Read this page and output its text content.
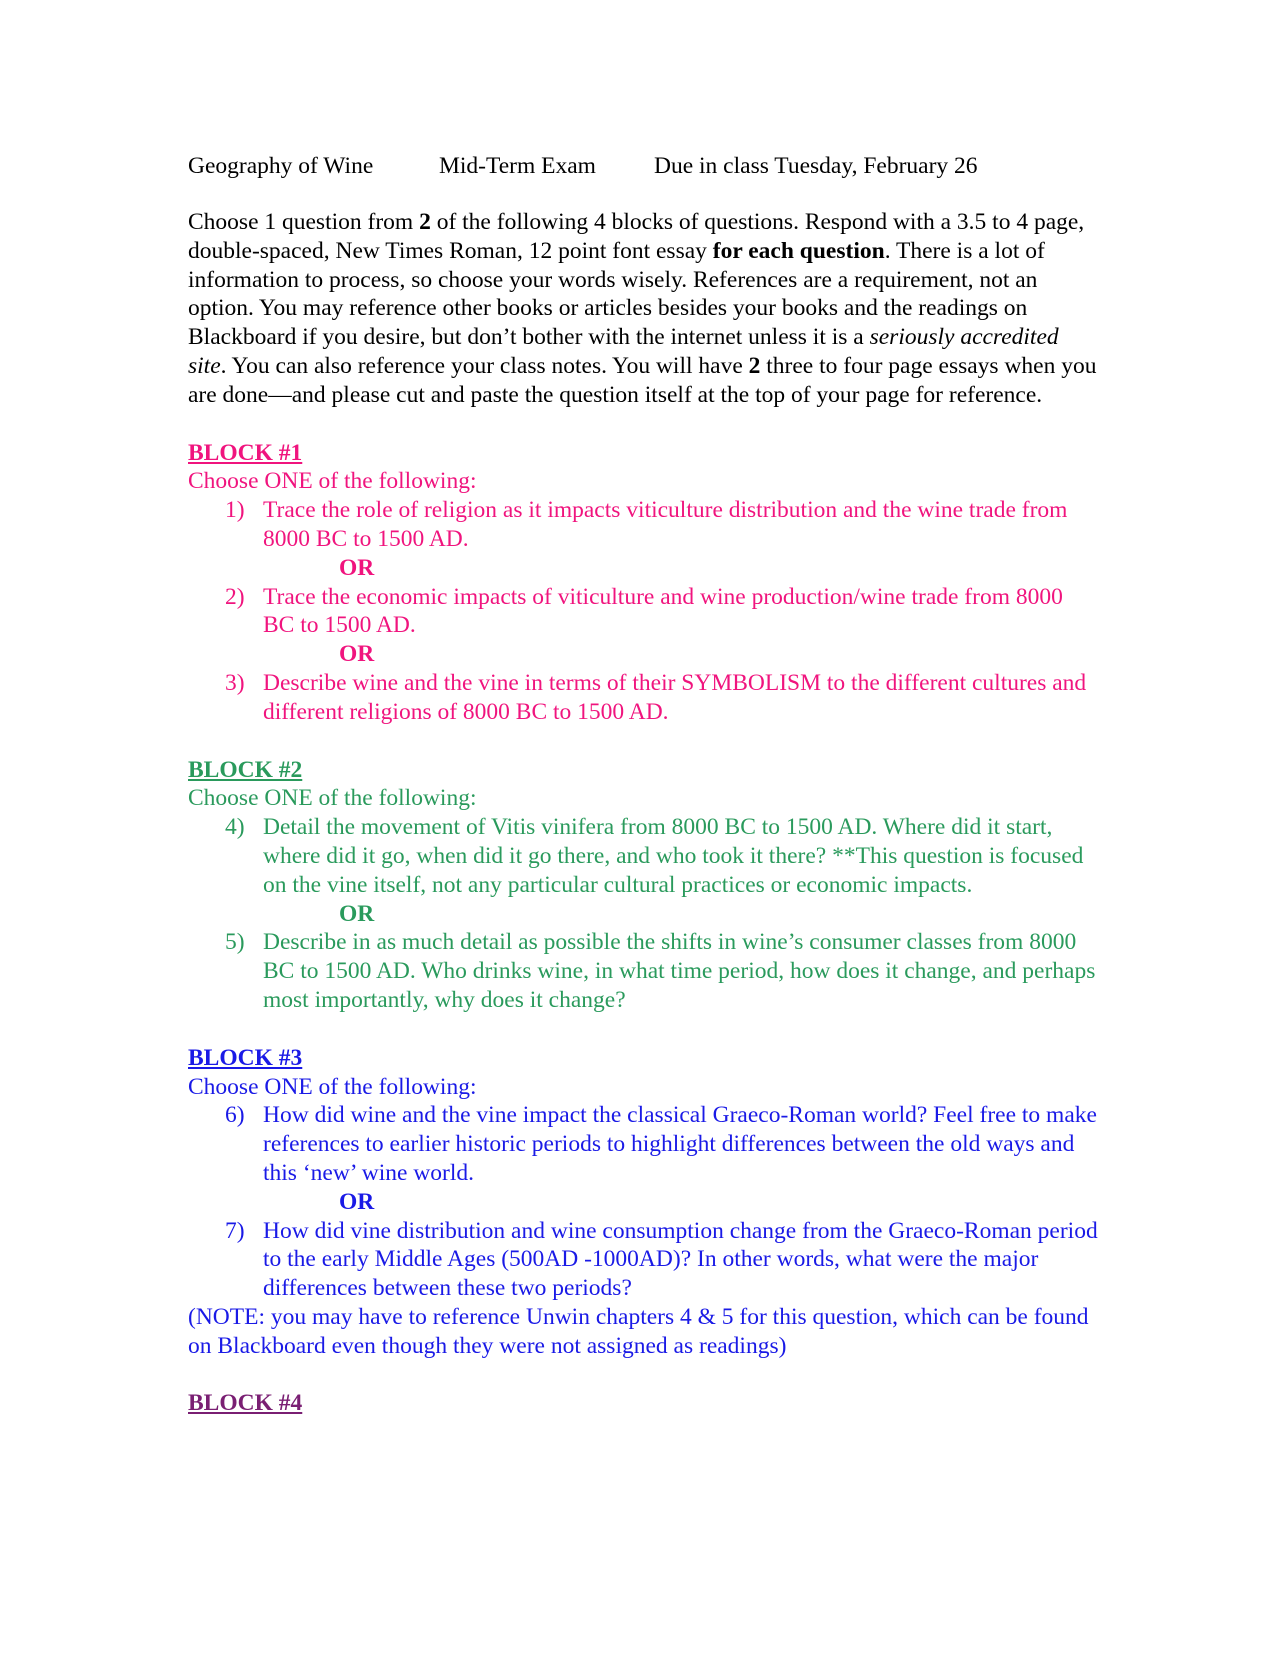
Geography of Wine	Mid-Term Exam Due in class Tuesday, February 26

Choose 1 question from 2 of the following 4 blocks of questions. Respond with a 3.5 to 4 page, double-spaced, New Times Roman, 12 point font essay for each question. There is a lot of information to process, so choose your words wisely. References are a requirement, not an option. You may reference other books or articles besides your books and the readings on Blackboard if you desire, but don’t bother with the internet unless it is a seriously accredited site. You can also reference your class notes. You will have 2 three to four page essays when you are done—and please cut and paste the question itself at the top of your page for reference.

BLOCK #1
Choose ONE of the following:
1) Trace the role of religion as it impacts viticulture distribution and the wine trade from 8000 BC to 1500 AD.
OR
2) Trace the economic impacts of viticulture and wine production/wine trade from 8000 BC to 1500 AD.
OR
3) Describe wine and the vine in terms of their SYMBOLISM to the different cultures and different religions of 8000 BC to 1500 AD.
BLOCK #2
Choose ONE of the following:
4) Detail the movement of Vitis vinifera from 8000 BC to 1500 AD. Where did it start, where did it go, when did it go there, and who took it there? **This question is focused on the vine itself, not any particular cultural practices or economic impacts.
OR
5) Describe in as much detail as possible the shifts in wine’s consumer classes from 8000 BC to 1500 AD. Who drinks wine, in what time period, how does it change, and perhaps most importantly, why does it change?
BLOCK #3
Choose ONE of the following:
6) How did wine and the vine impact the classical Graeco-Roman world? Feel free to make references to earlier historic periods to highlight differences between the old ways and this ‘new’ wine world.
OR
7) How did vine distribution and wine consumption change from the Graeco-Roman period to the early Middle Ages (500AD -1000AD)? In other words, what were the major differences between these two periods?
(NOTE: you may have to reference Unwin chapters 4 & 5 for this question, which can be found on Blackboard even though they were not assigned as readings)
BLOCK #4
